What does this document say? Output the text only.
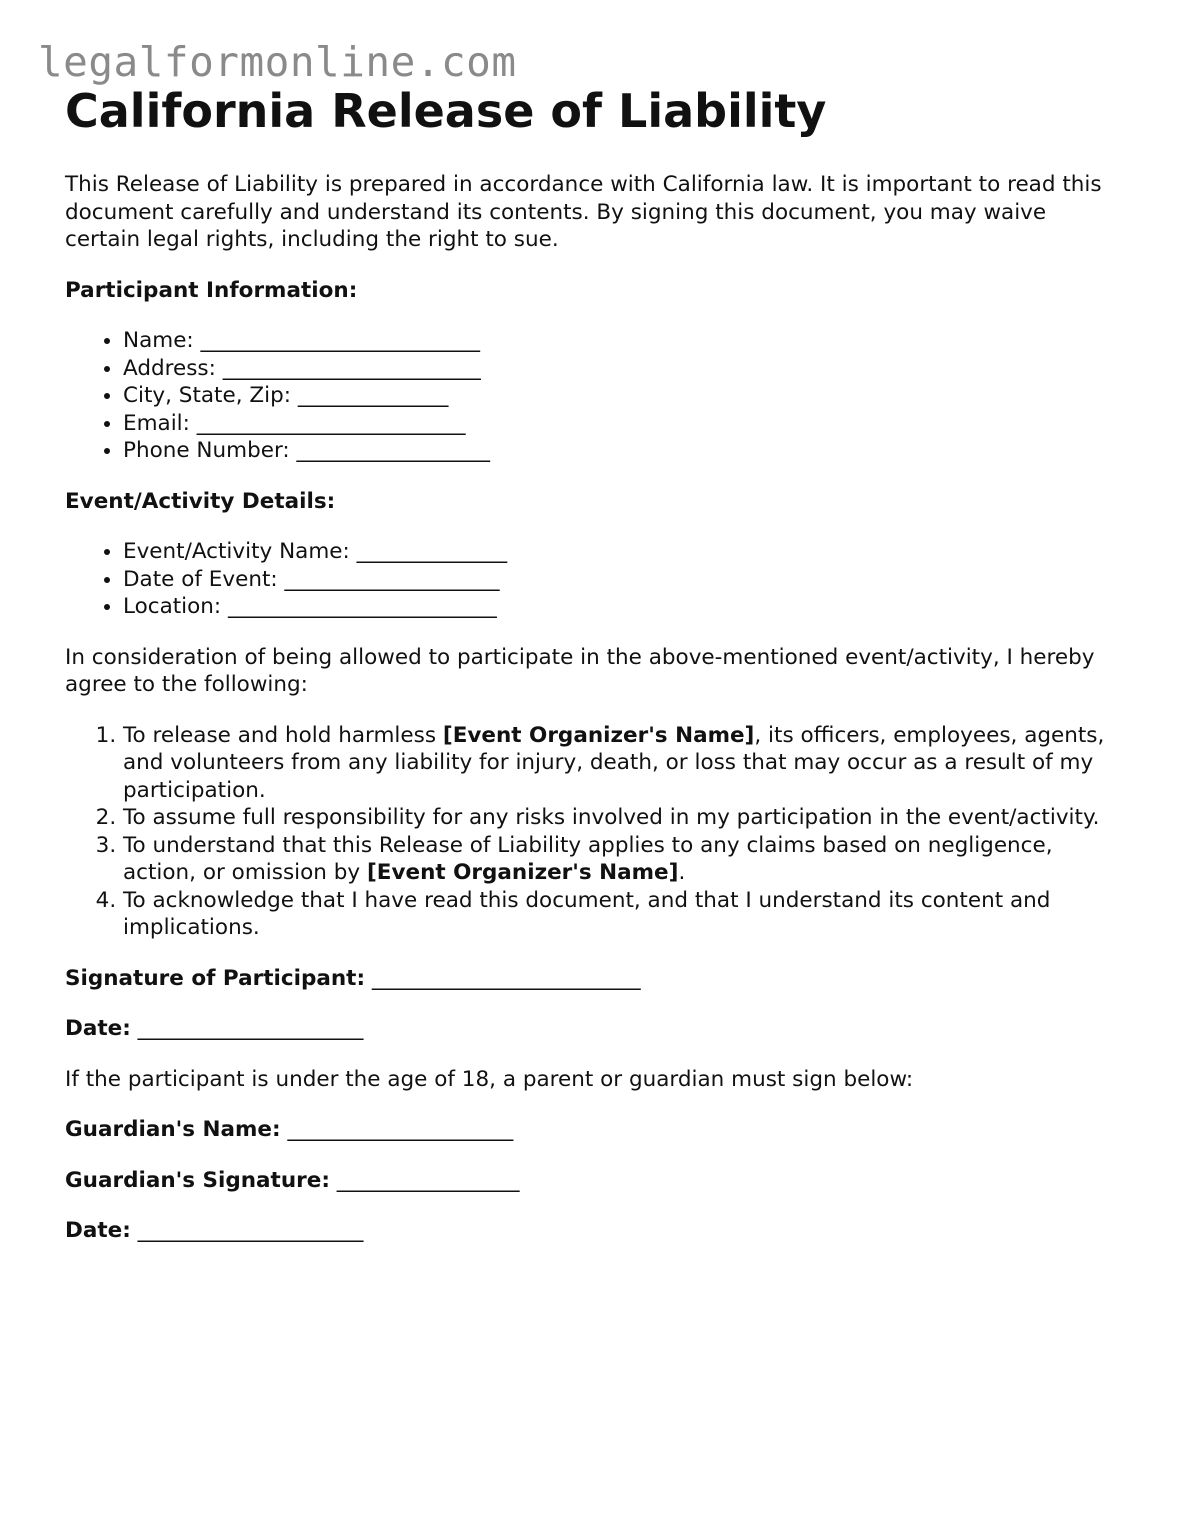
legalformonline.com
California Release of Liability

This Release of Liability is prepared in accordance with California law. It is important to read this document carefully and understand its contents. By signing this document, you may waive certain legal rights, including the right to sue.

Participant Information:

• Name: __________________________
• Address: ________________________
• City, State, Zip: ______________
• Email: _________________________
• Phone Number: __________________

Event/Activity Details:

• Event/Activity Name: ______________
• Date of Event: ____________________
• Location: _________________________

In consideration of being allowed to participate in the above-mentioned event/activity, I hereby agree to the following:

1. To release and hold harmless [Event Organizer's Name], its officers, employees, agents, and volunteers from any liability for injury, death, or loss that may occur as a result of my participation.
2. To assume full responsibility for any risks involved in my participation in the event/activity.
3. To understand that this Release of Liability applies to any claims based on negligence, action, or omission by [Event Organizer's Name].
4. To acknowledge that I have read this document, and that I understand its content and implications.

Signature of Participant: _________________________

Date: _____________________

If the participant is under the age of 18, a parent or guardian must sign below:

Guardian's Name: _____________________

Guardian's Signature: _________________

Date: _____________________
